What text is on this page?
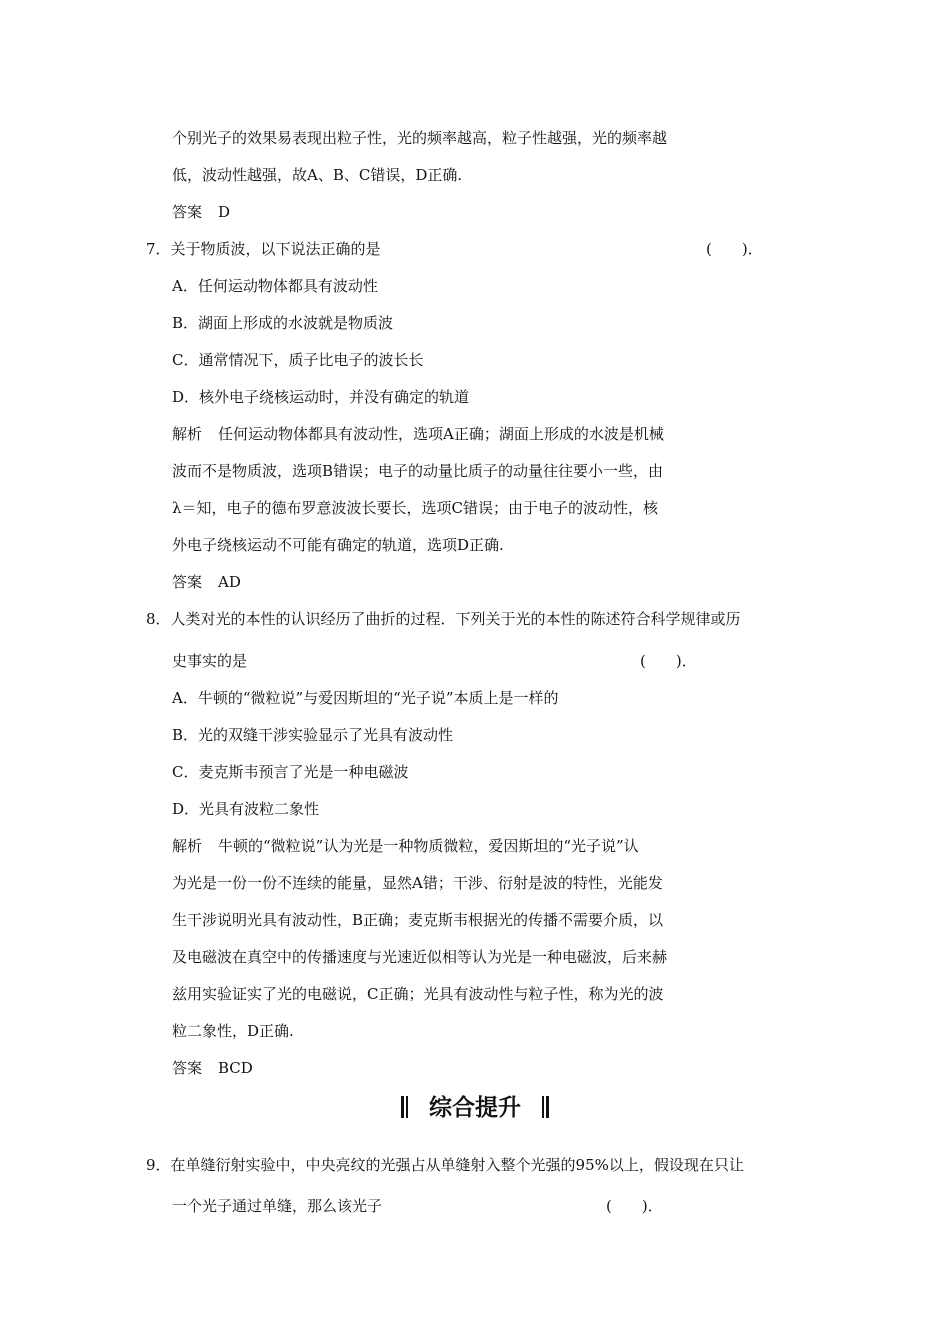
个别光子的效果易表现出粒子性，光的频率越高，粒子性越强，光的频率越
低，波动性越强，故A、B、C错误，D正确.
答案 D
7．关于物质波，以下说法正确的是	(　　)．
A．任何运动物体都具有波动性
B．湖面上形成的水波就是物质波
C．通常情况下，质子比电子的波长长
D．核外电子绕核运动时，并没有确定的轨道
解析 任何运动物体都具有波动性，选项A正确；湖面上形成的水波是机械
波而不是物质波，选项B错误；电子的动量比质子的动量往往要小一些，由
λ＝知，电子的德布罗意波波长要长，选项C错误；由于电子的波动性，核
外电子绕核运动不可能有确定的轨道，选项D正确.
答案 AD
8．人类对光的本性的认识经历了曲折的过程．下列关于光的本性的陈述符合科学规律或历
史事实的是	(　　)．
A．牛顿的“微粒说”与爱因斯坦的“光子说”本质上是一样的
B．光的双缝干涉实验显示了光具有波动性
C．麦克斯韦预言了光是一种电磁波
D．光具有波粒二象性
解析 牛顿的“微粒说”认为光是一种物质微粒，爱因斯坦的“光子说”认
为光是一份一份不连续的能量，显然A错；干涉、衍射是波的特性，光能发
生干涉说明光具有波动性，B正确；麦克斯韦根据光的传播不需要介质，以
及电磁波在真空中的传播速度与光速近似相等认为光是一种电磁波，后来赫
兹用实验证实了光的电磁说，C正确；光具有波动性与粒子性，称为光的波
粒二象性，D正确.
答案 BCD
综合提升
9．在单缝衍射实验中，中央亮纹的光强占从单缝射入整个光强的95%以上，假设现在只让
一个光子通过单缝，那么该光子	(　　)．
